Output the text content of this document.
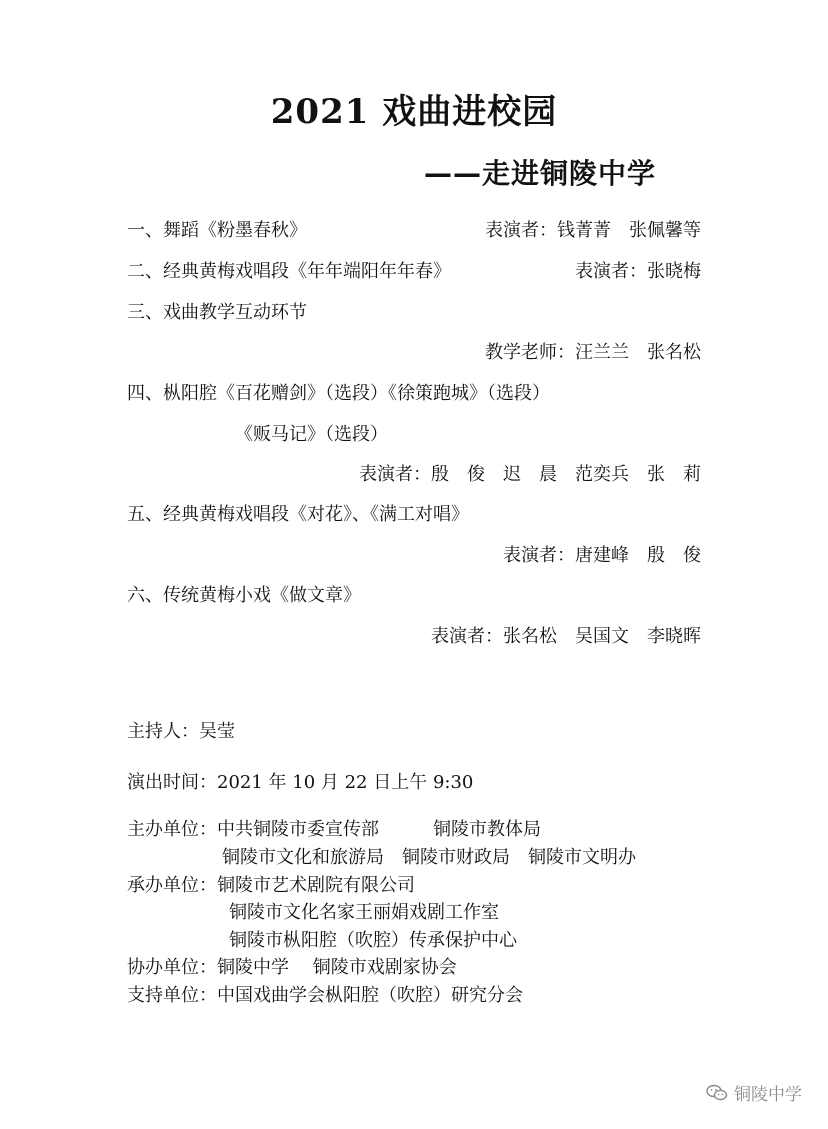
2021 戏曲进校园
——走进铜陵中学
一、舞蹈《粉墨春秋》	表演者：钱菁菁　张佩馨等
二、经典黄梅戏唱段《年年端阳年年春》	表演者：张晓梅
三、戏曲教学互动环节
教学老师：汪兰兰　张名松
四、枞阳腔《百花赠剑》（选段）《徐策跑城》（选段）
《贩马记》（选段）
表演者：殷　俊　迟　晨　范奕兵　张　莉
五、经典黄梅戏唱段《对花》、《满工对唱》
表演者：唐建峰　殷　俊
六、传统黄梅小戏《做文章》
表演者：张名松　吴国文　李晓晖
主持人：吴莹
演出时间：2021 年 10 月 22 日上午 9:30
主办单位：中共铜陵市委宣传部　　　铜陵市教体局
铜陵市文化和旅游局　铜陵市财政局　铜陵市文明办
承办单位：铜陵市艺术剧院有限公司
铜陵市文化名家王丽娟戏剧工作室
铜陵市枞阳腔（吹腔）传承保护中心
协办单位：铜陵中学　 铜陵市戏剧家协会
支持单位：中国戏曲学会枞阳腔（吹腔）研究分会
铜陵中学
